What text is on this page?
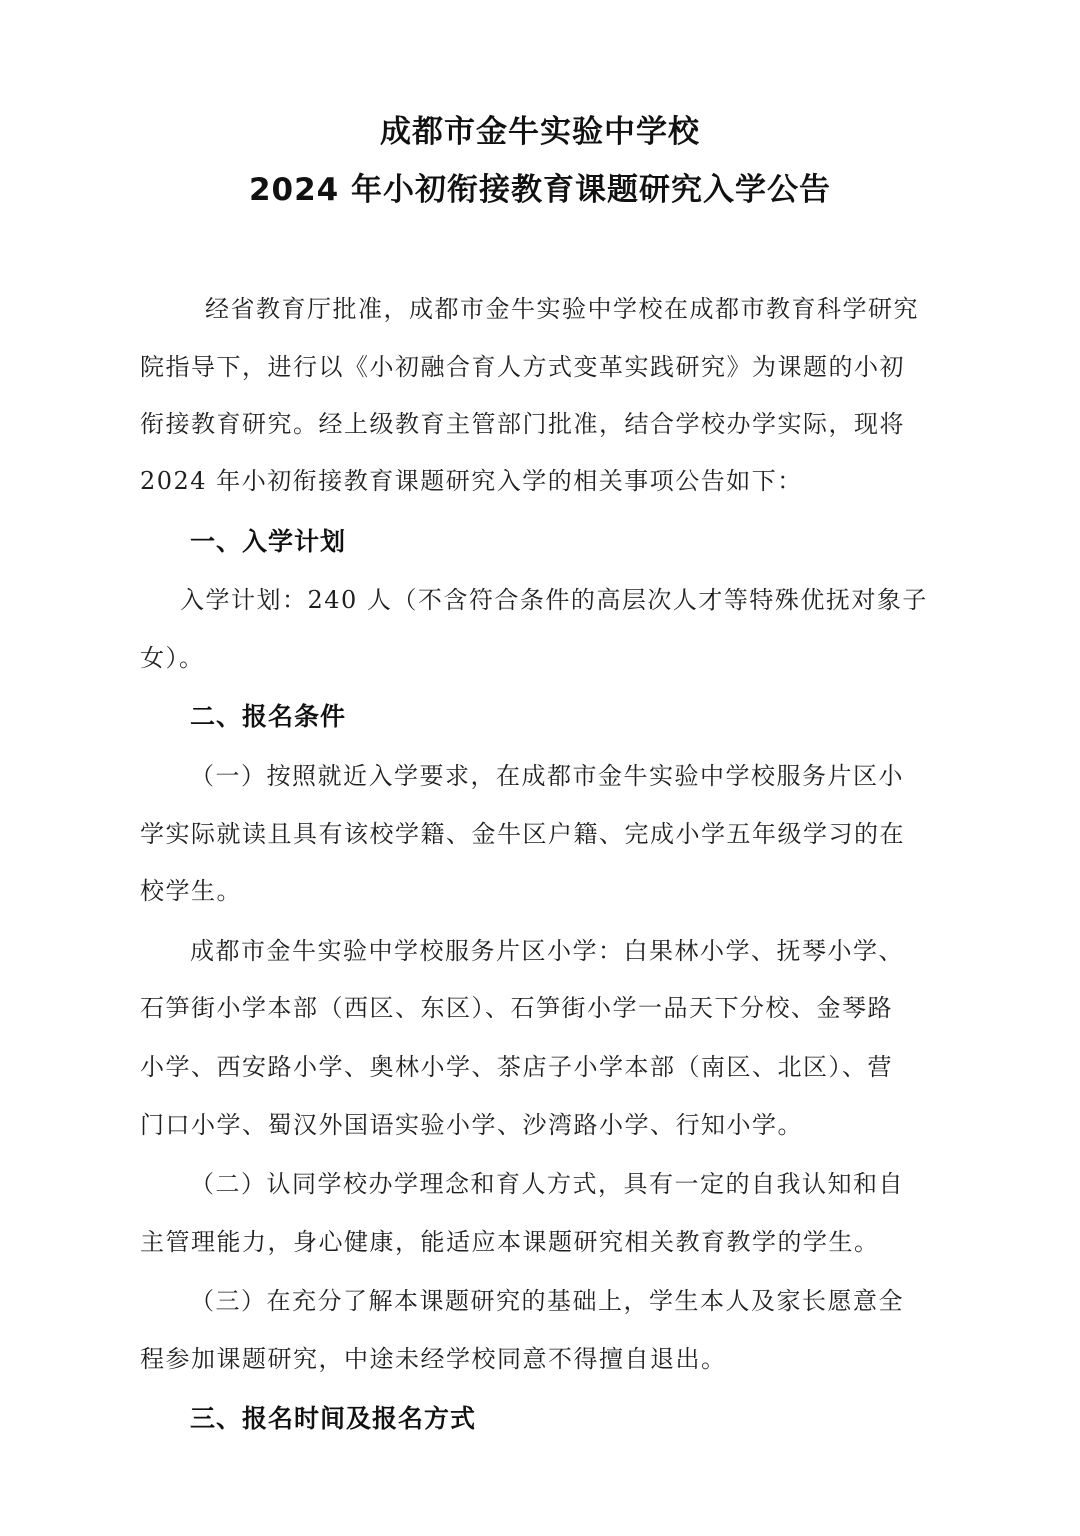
成都市金牛实验中学校
2024 年小初衔接教育课题研究入学公告
经省教育厅批准，成都市金牛实验中学校在成都市教育科学研究
院指导下，进行以《小初融合育人方式变革实践研究》为课题的小初
衔接教育研究。经上级教育主管部门批准，结合学校办学实际，现将
2024 年小初衔接教育课题研究入学的相关事项公告如下：
一、入学计划
入学计划：240 人（不含符合条件的高层次人才等特殊优抚对象子
女）。
二、报名条件
（一）按照就近入学要求，在成都市金牛实验中学校服务片区小
学实际就读且具有该校学籍、金牛区户籍、完成小学五年级学习的在
校学生。
成都市金牛实验中学校服务片区小学：白果林小学、抚琴小学、
石笋街小学本部（西区、东区）、石笋街小学一品天下分校、金琴路
小学、西安路小学、奥林小学、茶店子小学本部（南区、北区）、营
门口小学、蜀汉外国语实验小学、沙湾路小学、行知小学。
（二）认同学校办学理念和育人方式，具有一定的自我认知和自
主管理能力，身心健康，能适应本课题研究相关教育教学的学生。
（三）在充分了解本课题研究的基础上，学生本人及家长愿意全
程参加课题研究，中途未经学校同意不得擅自退出。
三、报名时间及报名方式
